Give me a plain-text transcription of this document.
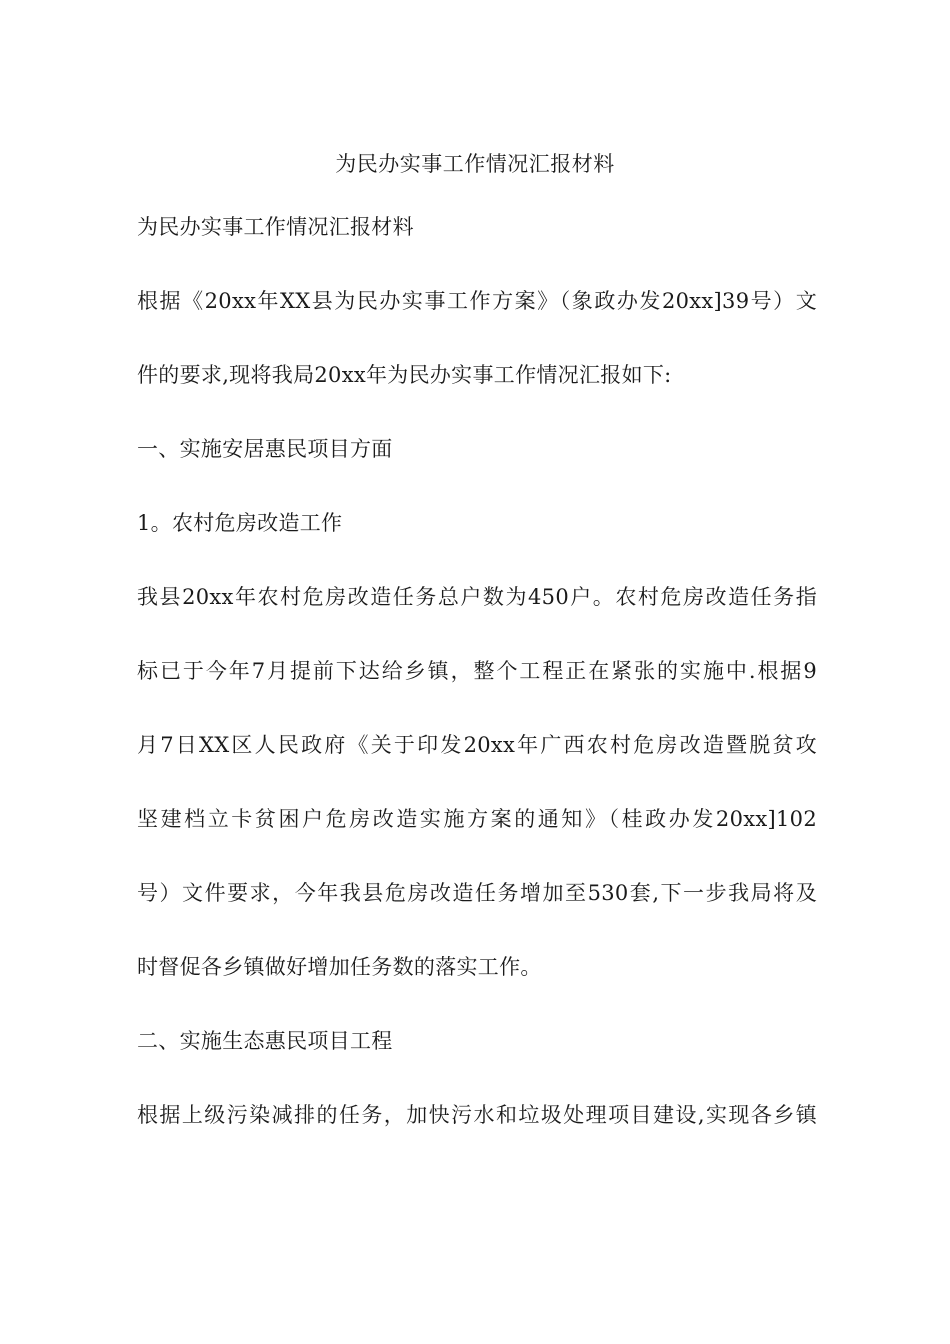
为民办实事工作情况汇报材料
为民办实事工作情况汇报材料
根据《20xx年XX县为民办实事工作方案》（象政办发20xx]39号）文
件的要求,现将我局20xx年为民办实事工作情况汇报如下:
一、实施安居惠民项目方面
1。农村危房改造工作
我县20xx年农村危房改造任务总户数为450户。农村危房改造任务指
标已于今年7月提前下达给乡镇，整个工程正在紧张的实施中.根据9
月7日XX区人民政府《关于印发20xx年广西农村危房改造暨脱贫攻
坚建档立卡贫困户危房改造实施方案的通知》（桂政办发20xx]102
号）文件要求，今年我县危房改造任务增加至530套,下一步我局将及
时督促各乡镇做好增加任务数的落实工作。
二、实施生态惠民项目工程
根据上级污染减排的任务，加快污水和垃圾处理项目建设,实现各乡镇
